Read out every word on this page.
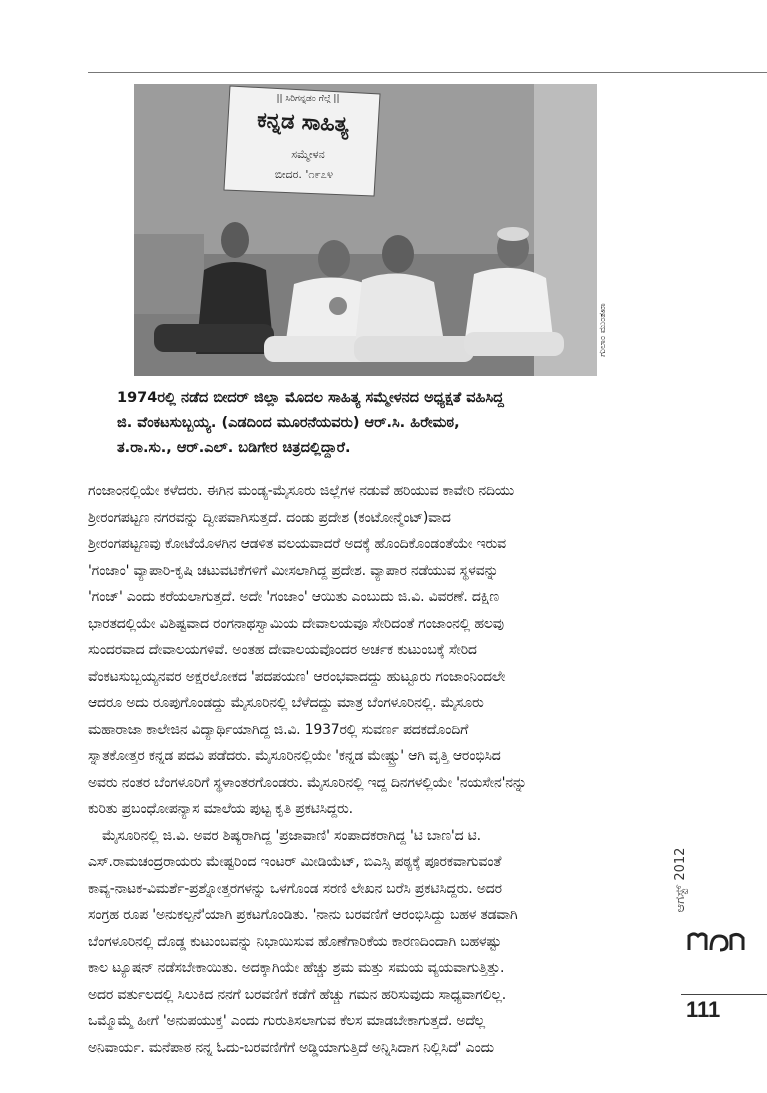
|| ಸಿರಿಗನ್ನಡಂ ಗೆಲ್ಗೆ ||
ಕನ್ನಡ ಸಾಹಿತ್ಯ
ಸಮ್ಮೇಳನ
ಬೀದರ. '೧೯೭೪
ಗುಲಾಂ ಮುಂತಖಾ
1974ರಲ್ಲಿ ನಡೆದ ಬೀದರ್ ಜಿಲ್ಲಾ ಮೊದಲ ಸಾಹಿತ್ಯ ಸಮ್ಮೇಳನದ ಅಧ್ಯಕ್ಷತೆ ವಹಿಸಿದ್ದ
ಜಿ. ವೆಂಕಟಸುಬ್ಬಯ್ಯ. (ಎಡದಿಂದ ಮೂರನೆಯವರು) ಆರ್.ಸಿ. ಹಿರೇಮಠ,
ತ.ರಾ.ಸು., ಆರ್.ಎಲ್. ಬಡಿಗೇರ ಚಿತ್ರದಲ್ಲಿದ್ದಾರೆ.
ಗಂಜಾಂನಲ್ಲಿಯೇ ಕಳೆದರು. ಈಗಿನ ಮಂಡ್ಯ-ಮೈಸೂರು ಜಿಲ್ಲೆಗಳ ನಡುವೆ ಹರಿಯುವ ಕಾವೇರಿ ನದಿಯು
ಶ್ರೀರಂಗಪಟ್ಟಣ ನಗರವನ್ನು ದ್ವೀಪವಾಗಿಸುತ್ತದೆ. ದಂಡು ಪ್ರದೇಶ (ಕಂಟೋನ್ಮೆಂಟ್)ವಾದ
ಶ್ರೀರಂಗಪಟ್ಟಣವು ಕೋಟೆಯೊಳಗಿನ ಆಡಳಿತ ವಲಯವಾದರೆ ಅದಕ್ಕೆ ಹೊಂದಿಕೊಂಡಂತೆಯೇ ಇರುವ
'ಗಂಜಾಂ' ವ್ಯಾಪಾರಿ-ಕೃಷಿ ಚಟುವಟಿಕೆಗಳಿಗೆ ಮೀಸಲಾಗಿದ್ದ ಪ್ರದೇಶ. ವ್ಯಾಪಾರ ನಡೆಯುವ ಸ್ಥಳವನ್ನು
'ಗಂಜ್' ಎಂದು ಕರೆಯಲಾಗುತ್ತದೆ. ಅದೇ 'ಗಂಜಾಂ' ಆಯಿತು ಎಂಬುದು ಜಿ.ವಿ. ವಿವರಣೆ. ದಕ್ಷಿಣ
ಭಾರತದಲ್ಲಿಯೇ ವಿಶಿಷ್ಟವಾದ ರಂಗನಾಥಸ್ವಾಮಿಯ ದೇವಾಲಯವೂ ಸೇರಿದಂತೆ ಗಂಜಾಂನಲ್ಲಿ ಹಲವು
ಸುಂದರವಾದ ದೇವಾಲಯಗಳಿವೆ. ಅಂತಹ ದೇವಾಲಯವೊಂದರ ಅರ್ಚಕ ಕುಟುಂಬಕ್ಕೆ ಸೇರಿದ
ವೆಂಕಟಸುಬ್ಬಯ್ಯನವರ ಅಕ್ಷರಲೋಕದ 'ಪದಪಯಣ' ಆರಂಭವಾದದ್ದು ಹುಟ್ಟೂರು ಗಂಜಾಂನಿಂದಲೇ
ಆದರೂ ಅದು ರೂಪುಗೊಂಡದ್ದು ಮೈಸೂರಿನಲ್ಲಿ ಬೆಳೆದದ್ದು ಮಾತ್ರ ಬೆಂಗಳೂರಿನಲ್ಲಿ. ಮೈಸೂರು
ಮಹಾರಾಜಾ ಕಾಲೇಜಿನ ವಿದ್ಯಾರ್ಥಿಯಾಗಿದ್ದ ಜಿ.ವಿ. 1937ರಲ್ಲಿ ಸುವರ್ಣ ಪದಕದೊಂದಿಗೆ
ಸ್ನಾತಕೋತ್ತರ ಕನ್ನಡ ಪದವಿ ಪಡೆದರು. ಮೈಸೂರಿನಲ್ಲಿಯೇ 'ಕನ್ನಡ ಮೇಷ್ಟ್ರು' ಆಗಿ ವೃತ್ತಿ ಆರಂಭಿಸಿದ
ಅವರು ನಂತರ ಬೆಂಗಳೂರಿಗೆ ಸ್ಥಳಾಂತರಗೊಂಡರು. ಮೈಸೂರಿನಲ್ಲಿ ಇದ್ದ ದಿನಗಳಲ್ಲಿಯೇ 'ನಯಸೇನ'ನನ್ನು
ಕುರಿತು ಪ್ರಬಂಧೋಪನ್ಯಾಸ ಮಾಲೆಯ ಪುಟ್ಟ ಕೃತಿ ಪ್ರಕಟಿಸಿದ್ದರು.
ಮೈಸೂರಿನಲ್ಲಿ ಜಿ.ವಿ. ಅವರ ಶಿಷ್ಯರಾಗಿದ್ದ 'ಪ್ರಜಾವಾಣಿ' ಸಂಪಾದಕರಾಗಿದ್ದ 'ಟಿ ಬಾಣ'ದ ಟಿ.
ಎಸ್.ರಾಮಚಂದ್ರರಾಯರು ಮೇಷ್ಟರಿಂದ ಇಂಟರ್ ಮೀಡಿಯೆಟ್, ಬಿಎಸ್ಸಿ ಪಠ್ಯಕ್ಕೆ ಪೂರಕವಾಗುವಂತೆ
ಕಾವ್ಯ-ನಾಟಕ-ವಿಮರ್ಶೆ-ಪ್ರಶ್ನೋತ್ತರಗಳನ್ನು ಒಳಗೊಂಡ ಸರಣಿ ಲೇಖನ ಬರೆಸಿ ಪ್ರಕಟಿಸಿದ್ದರು. ಅದರ
ಸಂಗ್ರಹ ರೂಪ 'ಅನುಕಲ್ಪನೆ'ಯಾಗಿ ಪ್ರಕಟಗೊಂಡಿತು. 'ನಾನು ಬರವಣಿಗೆ ಆರಂಭಿಸಿದ್ದು ಬಹಳ ತಡವಾಗಿ
ಬೆಂಗಳೂರಿನಲ್ಲಿ ದೊಡ್ಡ ಕುಟುಂಬವನ್ನು ನಿಭಾಯಿಸುವ ಹೊಣೆಗಾರಿಕೆಯ ಕಾರಣದಿಂದಾಗಿ ಬಹಳಷ್ಟು
ಕಾಲ ಟ್ಯೂಷನ್ ನಡೆಸಬೇಕಾಯಿತು. ಅದಕ್ಕಾಗಿಯೇ ಹೆಚ್ಚು ಶ್ರಮ ಮತ್ತು ಸಮಯ ವ್ಯಯವಾಗುತ್ತಿತ್ತು.
ಅದರ ವರ್ತುಲದಲ್ಲಿ ಸಿಲುಕಿದ ನನಗೆ ಬರವಣಿಗೆ ಕಡೆಗೆ ಹೆಚ್ಚು ಗಮನ ಹರಿಸುವುದು ಸಾಧ್ಯವಾಗಲಿಲ್ಲ.
ಒಮ್ಮೊಮ್ಮೆ ಹೀಗೆ 'ಅನುಪಯುಕ್ತ' ಎಂದು ಗುರುತಿಸಲಾಗುವ ಕೆಲಸ ಮಾಡಬೇಕಾಗುತ್ತದೆ. ಅದೆಲ್ಲ
ಅನಿವಾರ್ಯ. ಮನೆಪಾಠ ನನ್ನ ಓದು-ಬರವಣಿಗೆಗೆ ಅಡ್ಡಿಯಾಗುತ್ತಿದೆ ಅನ್ನಿಸಿದಾಗ ನಿಲ್ಲಿಸಿದೆ' ಎಂದು
ಆಗಸ್ಟ್ 2012
111
